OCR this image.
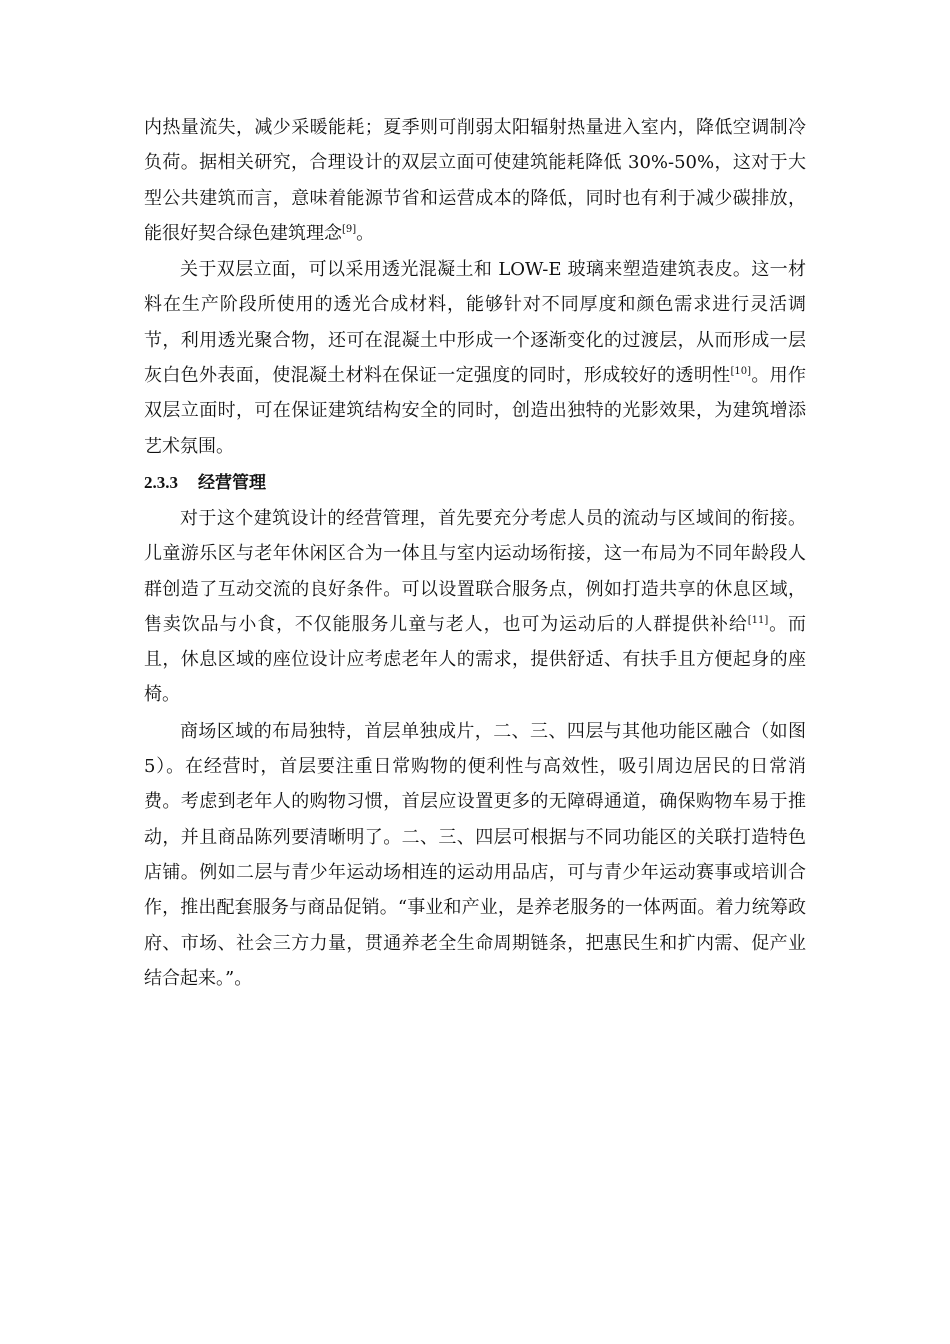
内热量流失，减少采暖能耗；夏季则可削弱太阳辐射热量进入室内，降低空调制冷负荷。据相关研究，合理设计的双层立面可使建筑能耗降低 30%-50%，这对于大型公共建筑而言，意味着能源节省和运营成本的降低，同时也有利于减少碳排放，能很好契合绿色建筑理念[9]。

关于双层立面，可以采用透光混凝土和 LOW-E 玻璃来塑造建筑表皮。这一材料在生产阶段所使用的透光合成材料，能够针对不同厚度和颜色需求进行灵活调节，利用透光聚合物，还可在混凝土中形成一个逐渐变化的过渡层，从而形成一层灰白色外表面，使混凝土材料在保证一定强度的同时，形成较好的透明性[10]。用作双层立面时，可在保证建筑结构安全的同时，创造出独特的光影效果，为建筑增添艺术氛围。

2.3.3 经营管理

对于这个建筑设计的经营管理，首先要充分考虑人员的流动与区域间的衔接。儿童游乐区与老年休闲区合为一体且与室内运动场衔接，这一布局为不同年龄段人群创造了互动交流的良好条件。可以设置联合服务点，例如打造共享的休息区域，售卖饮品与小食，不仅能服务儿童与老人，也可为运动后的人群提供补给[11]。而且，休息区域的座位设计应考虑老年人的需求，提供舒适、有扶手且方便起身的座椅。

商场区域的布局独特，首层单独成片，二、三、四层与其他功能区融合（如图 5）。在经营时，首层要注重日常购物的便利性与高效性，吸引周边居民的日常消费。考虑到老年人的购物习惯，首层应设置更多的无障碍通道，确保购物车易于推动，并且商品陈列要清晰明了。二、三、四层可根据与不同功能区的关联打造特色店铺。例如二层与青少年运动场相连的运动用品店，可与青少年运动赛事或培训合作，推出配套服务与商品促销。“事业和产业，是养老服务的一体两面。着力统筹政府、市场、社会三方力量，贯通养老全生命周期链条，把惠民生和扩内需、促产业结合起来。”。
